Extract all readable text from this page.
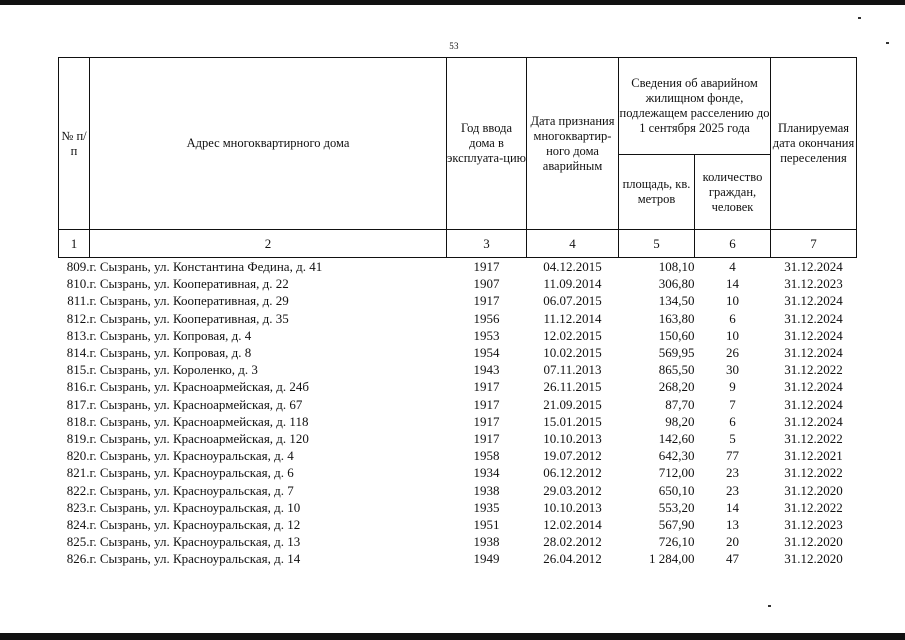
53
№ п/п	Адрес многоквартирного дома	Год ввода дома в эксплуата-цию	Дата признания многоквартир-ного дома аварийным	Сведения об аварийном жилищном фонде, подлежащем расселению до 1 сентября 2025 года		Планируемая дата окончания переселения
				площадь, кв. метров	количество граждан, человек	
1	2	3	4	5	6	7
809.	г. Сызрань, ул. Константина Федина, д. 41	1917	04.12.2015	108,10	4	31.12.2024
810.	г. Сызрань, ул. Кооперативная, д. 22	1907	11.09.2014	306,80	14	31.12.2023
811.	г. Сызрань, ул. Кооперативная, д. 29	1917	06.07.2015	134,50	10	31.12.2024
812.	г. Сызрань, ул. Кооперативная, д. 35	1956	11.12.2014	163,80	6	31.12.2024
813.	г. Сызрань, ул. Копровая, д. 4	1953	12.02.2015	150,60	10	31.12.2024
814.	г. Сызрань, ул. Копровая, д. 8	1954	10.02.2015	569,95	26	31.12.2024
815.	г. Сызрань, ул. Короленко, д. 3	1943	07.11.2013	865,50	30	31.12.2022
816.	г. Сызрань, ул. Красноармейская, д. 24б	1917	26.11.2015	268,20	9	31.12.2024
817.	г. Сызрань, ул. Красноармейская, д. 67	1917	21.09.2015	87,70	7	31.12.2024
818.	г. Сызрань, ул. Красноармейская, д. 118	1917	15.01.2015	98,20	6	31.12.2024
819.	г. Сызрань, ул. Красноармейская, д. 120	1917	10.10.2013	142,60	5	31.12.2022
820.	г. Сызрань, ул. Красноуральская, д. 4	1958	19.07.2012	642,30	77	31.12.2021
821.	г. Сызрань, ул. Красноуральская, д. 6	1934	06.12.2012	712,00	23	31.12.2022
822.	г. Сызрань, ул. Красноуральская, д. 7	1938	29.03.2012	650,10	23	31.12.2020
823.	г. Сызрань, ул. Красноуральская, д. 10	1935	10.10.2013	553,20	14	31.12.2022
824.	г. Сызрань, ул. Красноуральская, д. 12	1951	12.02.2014	567,90	13	31.12.2023
825.	г. Сызрань, ул. Красноуральская, д. 13	1938	28.02.2012	726,10	20	31.12.2020
826.	г. Сызрань, ул. Красноуральская, д. 14	1949	26.04.2012	1 284,00	47	31.12.2020
